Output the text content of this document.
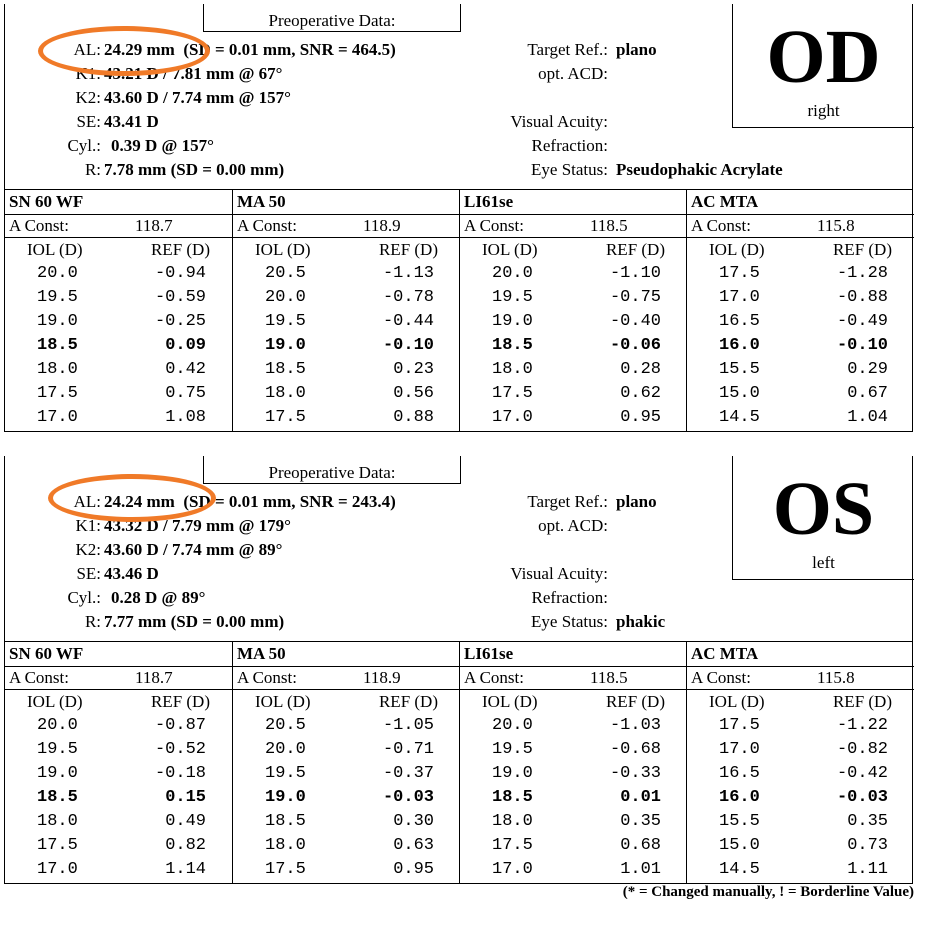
Preoperative Data:
AL: 24.29 mm (SD = 0.01 mm, SNR = 464.5)
K1: 43.21 D / 7.81 mm @ 67°
K2: 43.60 D / 7.74 mm @ 157°
SE: 43.41 D
Cyl.: 0.39 D @ 157°
R: 7.78 mm (SD = 0.00 mm)
Target Ref.: plano
opt. ACD:
Visual Acuity:
Refraction:
Eye Status: Pseudophakic Acrylate
OD
right
SN 60 WF
A Const:	118.7
IOL (D)	REF (D)
20.0	-0.94
19.5	-0.59
19.0	-0.25
18.5	0.09
18.0	0.42
17.5	0.75
17.0	1.08
MA 50
A Const:	118.9
IOL (D)	REF (D)
20.5	-1.13
20.0	-0.78
19.5	-0.44
19.0	-0.10
18.5	0.23
18.0	0.56
17.5	0.88
LI61se
A Const:	118.5
IOL (D)	REF (D)
20.0	-1.10
19.5	-0.75
19.0	-0.40
18.5	-0.06
18.0	0.28
17.5	0.62
17.0	0.95
AC MTA
A Const:	115.8
IOL (D)	REF (D)
17.5	-1.28
17.0	-0.88
16.5	-0.49
16.0	-0.10
15.5	0.29
15.0	0.67
14.5	1.04
Preoperative Data:
AL: 24.24 mm (SD = 0.01 mm, SNR = 243.4)
K1: 43.32 D / 7.79 mm @ 179°
K2: 43.60 D / 7.74 mm @ 89°
SE: 43.46 D
Cyl.: 0.28 D @ 89°
R: 7.77 mm (SD = 0.00 mm)
Target Ref.: plano
opt. ACD:
Visual Acuity:
Refraction:
Eye Status: phakic
OS
left
SN 60 WF
A Const:	118.7
IOL (D)	REF (D)
20.0	-0.87
19.5	-0.52
19.0	-0.18
18.5	0.15
18.0	0.49
17.5	0.82
17.0	1.14
MA 50
A Const:	118.9
IOL (D)	REF (D)
20.5	-1.05
20.0	-0.71
19.5	-0.37
19.0	-0.03
18.5	0.30
18.0	0.63
17.5	0.95
LI61se
A Const:	118.5
IOL (D)	REF (D)
20.0	-1.03
19.5	-0.68
19.0	-0.33
18.5	0.01
18.0	0.35
17.5	0.68
17.0	1.01
AC MTA
A Const:	115.8
IOL (D)	REF (D)
17.5	-1.22
17.0	-0.82
16.5	-0.42
16.0	-0.03
15.5	0.35
15.0	0.73
14.5	1.11
(* = Changed manually, ! = Borderline Value)
